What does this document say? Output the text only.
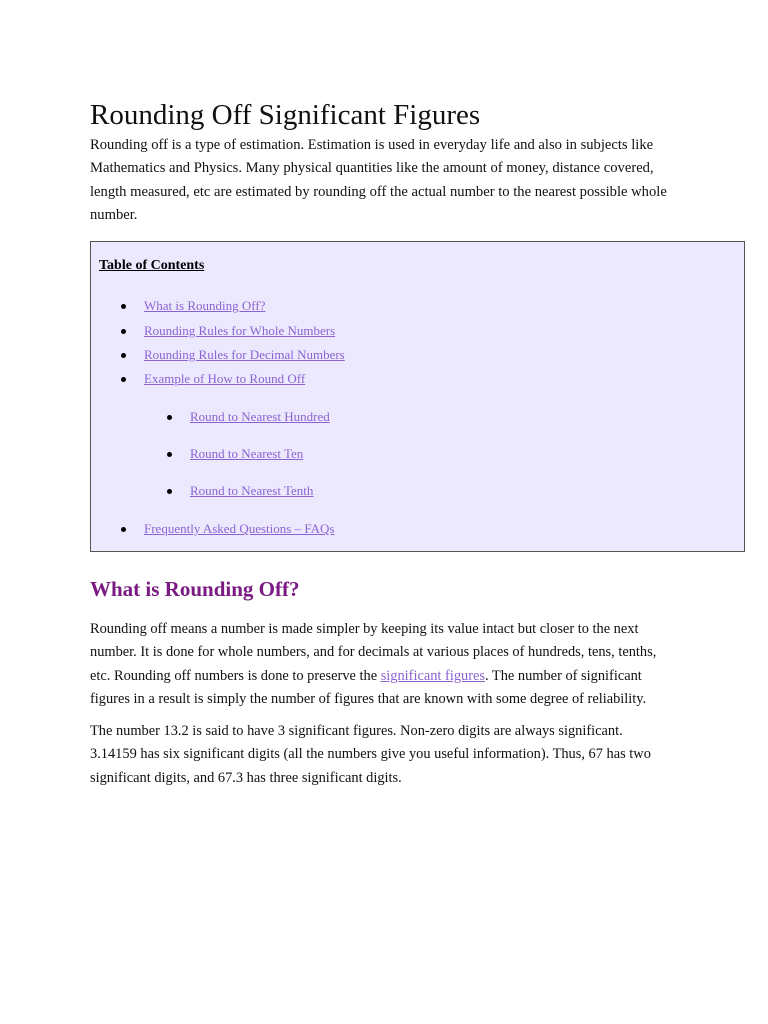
Rounding Off Significant Figures

Rounding off is a type of estimation. Estimation is used in everyday life and also in subjects like Mathematics and Physics. Many physical quantities like the amount of money, distance covered, length measured, etc are estimated by rounding off the actual number to the nearest possible whole number.

Table of Contents
What is Rounding Off?
Rounding Rules for Whole Numbers
Rounding Rules for Decimal Numbers
Example of How to Round Off
Round to Nearest Hundred
Round to Nearest Ten
Round to Nearest Tenth
Frequently Asked Questions – FAQs
What is Rounding Off?

Rounding off means a number is made simpler by keeping its value intact but closer to the next number. It is done for whole numbers, and for decimals at various places of hundreds, tens, tenths, etc. Rounding off numbers is done to preserve the significant figures. The number of significant figures in a result is simply the number of figures that are known with some degree of reliability.

The number 13.2 is said to have 3 significant figures. Non-zero digits are always significant. 3.14159 has six significant digits (all the numbers give you useful information). Thus, 67 has two significant digits, and 67.3 has three significant digits.
